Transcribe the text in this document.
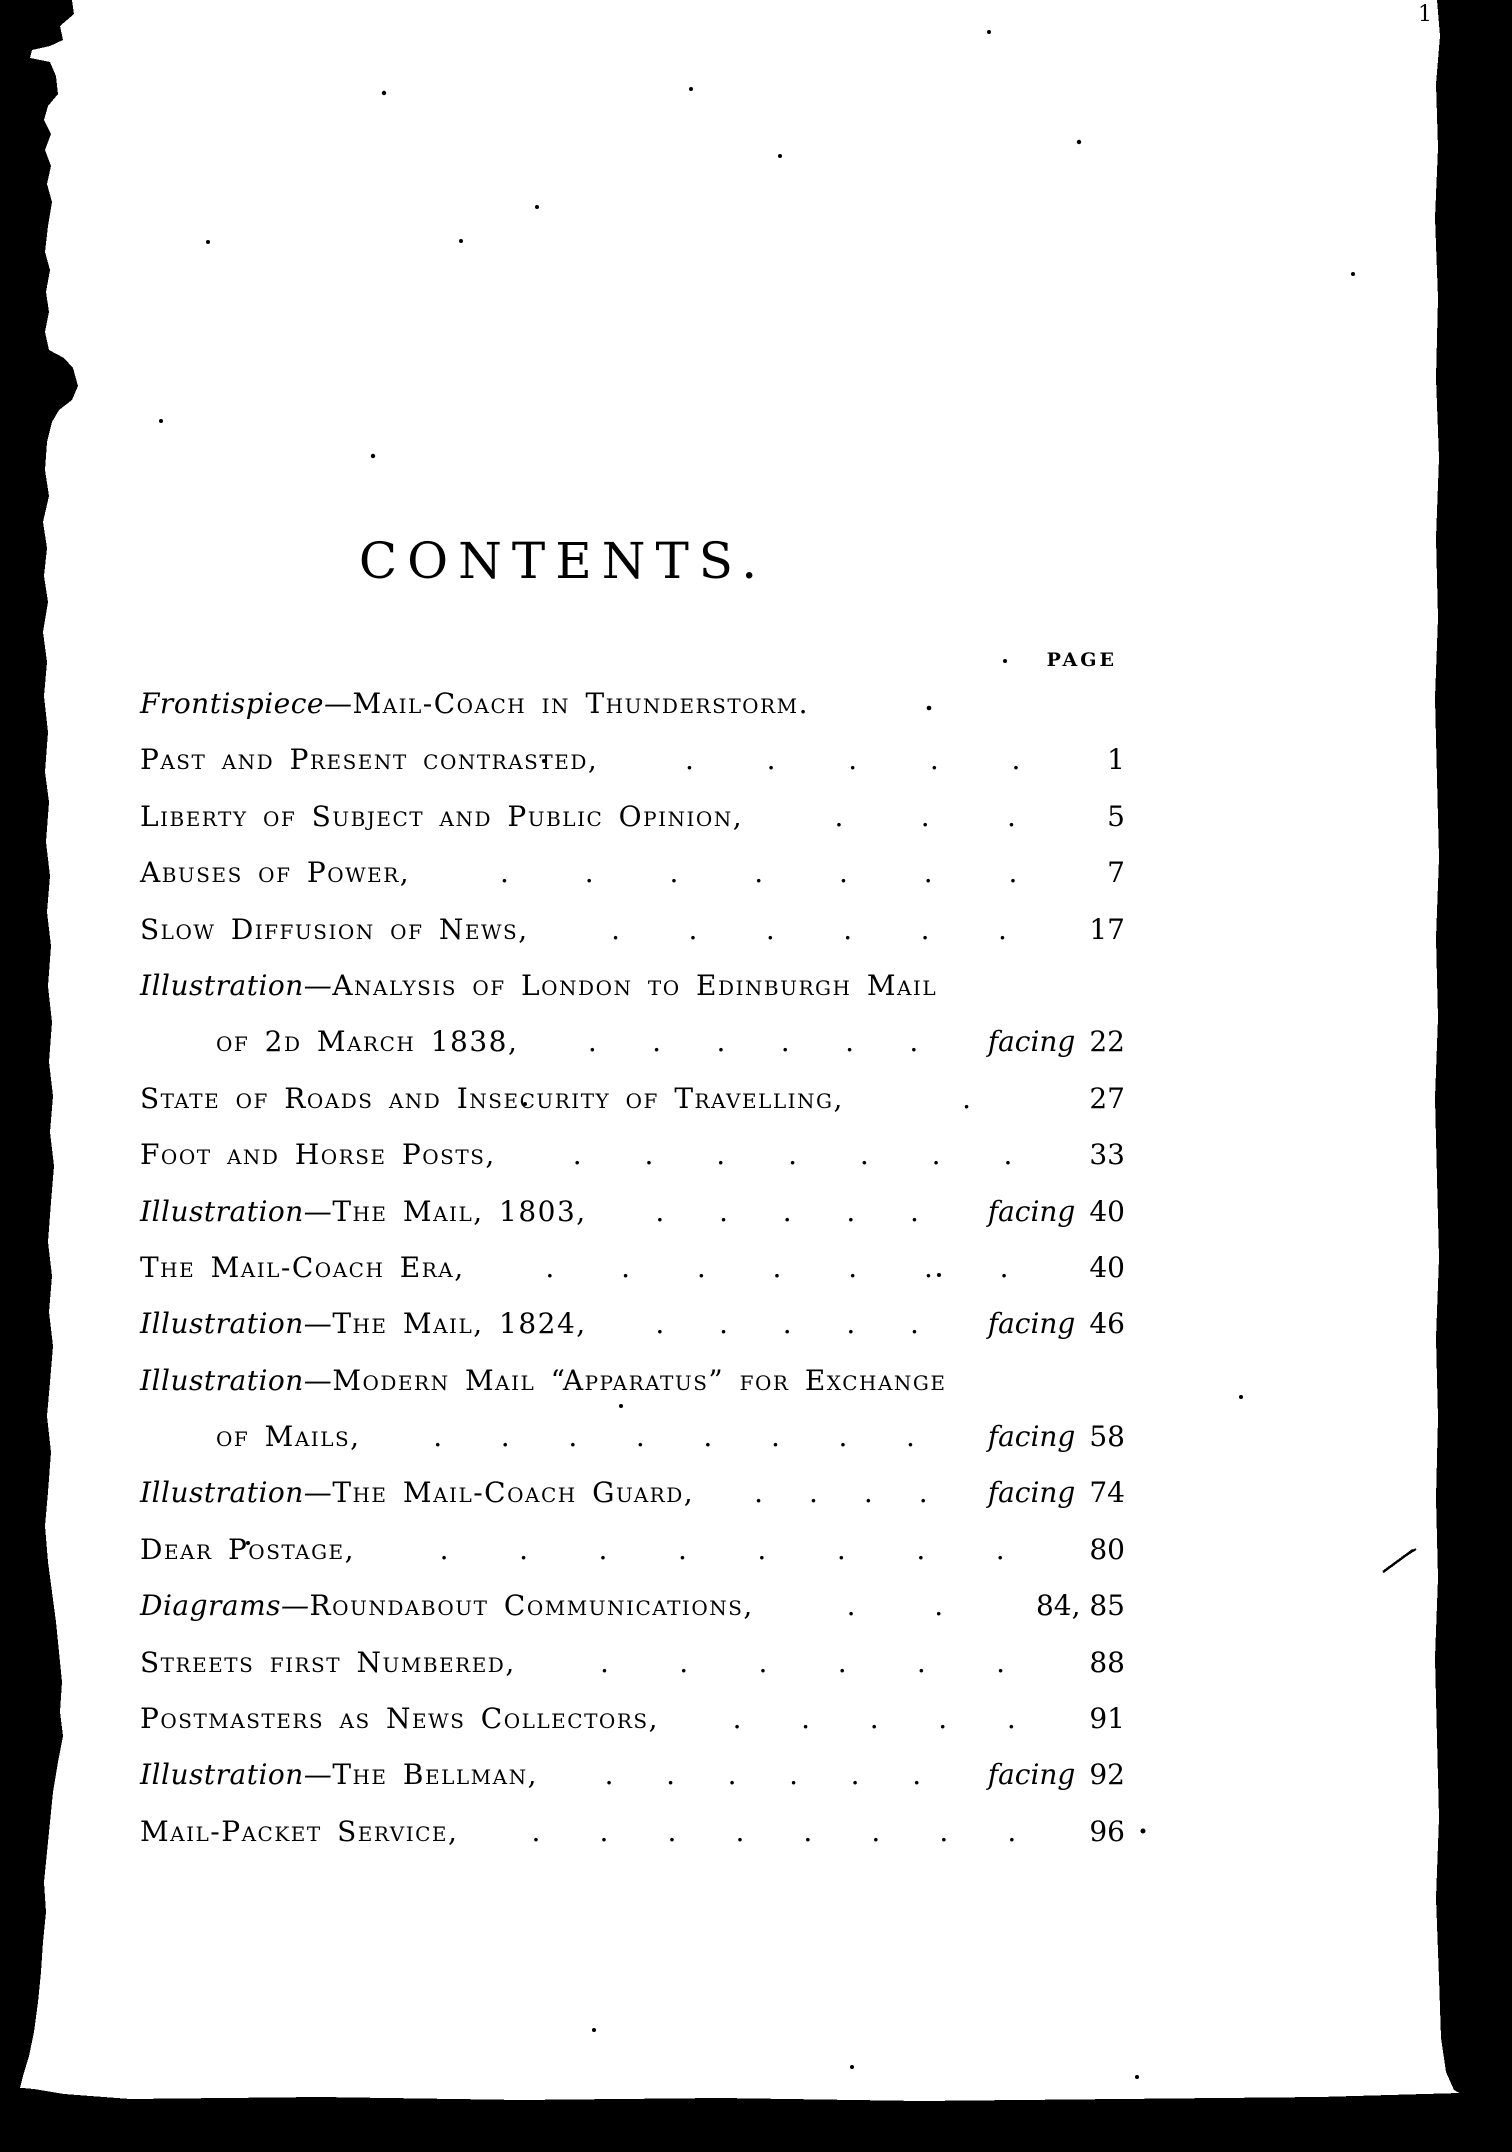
CONTENTS.
PAGE
Frontispiece— Mail-Coach in Thunderstorm.
Past and Present contrasted,	.	.	.	.	.	1
Liberty of Subject and Public Opinion,	.	.	.	5
Abuses of Power,	.	.	.	.	.	.	.	7
Slow Diffusion of News,	. . . . . .	17
Illustration— Analysis of London to Edinburgh Mail
of 2d March 1838, . . . . . . facing 22
State of Roads and Insecurity of Travelling,	.	27
Foot and Horse Posts,	. . . . . . .	33
Illustration— The Mail, 1803, . . . . . facing 40
The Mail-Coach Era,	. . . . . . .	40
Illustration— The Mail, 1824, . . . . . facing 46
Illustration— Modern Mail “Apparatus” for Exchange
of Mails,	. . . . . . . .	facing 58
Illustration— The Mail-Coach Guard, . . . . facing 74
Dear Postage,	.	.	.	.	.	.	.	.	80
Diagrams— Roundabout Communications,	.	.	84, 85
Streets first Numbered,	.	.	.	.	.	.	88
Postmasters as News Collectors,	. . . . .	91
Illustration— The Bellman, . . . . . . facing 92
Mail-Packet Service,	. . . . . . . .	96
1
